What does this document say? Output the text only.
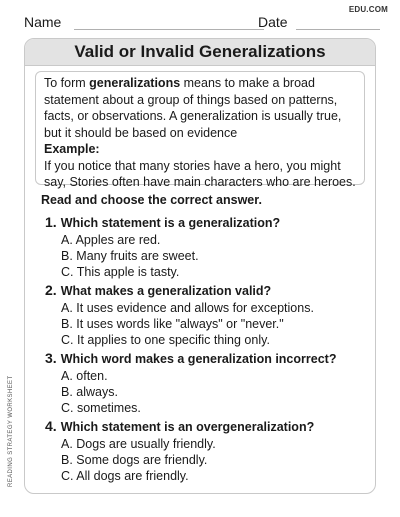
EDU.COM
Name	Date
Valid or Invalid Generalizations

To form generalizations means to make a broad statement about a group of things based on patterns, facts, or observations. A generalization is usually true, but it should be based on evidence

Example:

If you notice that many stories have a hero, you might say, Stories often have main characters who are heroes.

Read and choose the correct answer.
1. Which statement is a generalization?
A. Apples are red.
B. Many fruits are sweet.
C. This apple is tasty.
2. What makes a generalization valid?
A. It uses evidence and allows for exceptions.
B. It uses words like "always" or "never."
C. It applies to one specific thing only.
3. Which word makes a generalization incorrect?
A. often.
B. always.
C. sometimes.
4. Which statement is an overgeneralization?
A. Dogs are usually friendly.
B. Some dogs are friendly.
C. All dogs are friendly.
READING STRATEGY WORKSHEET
